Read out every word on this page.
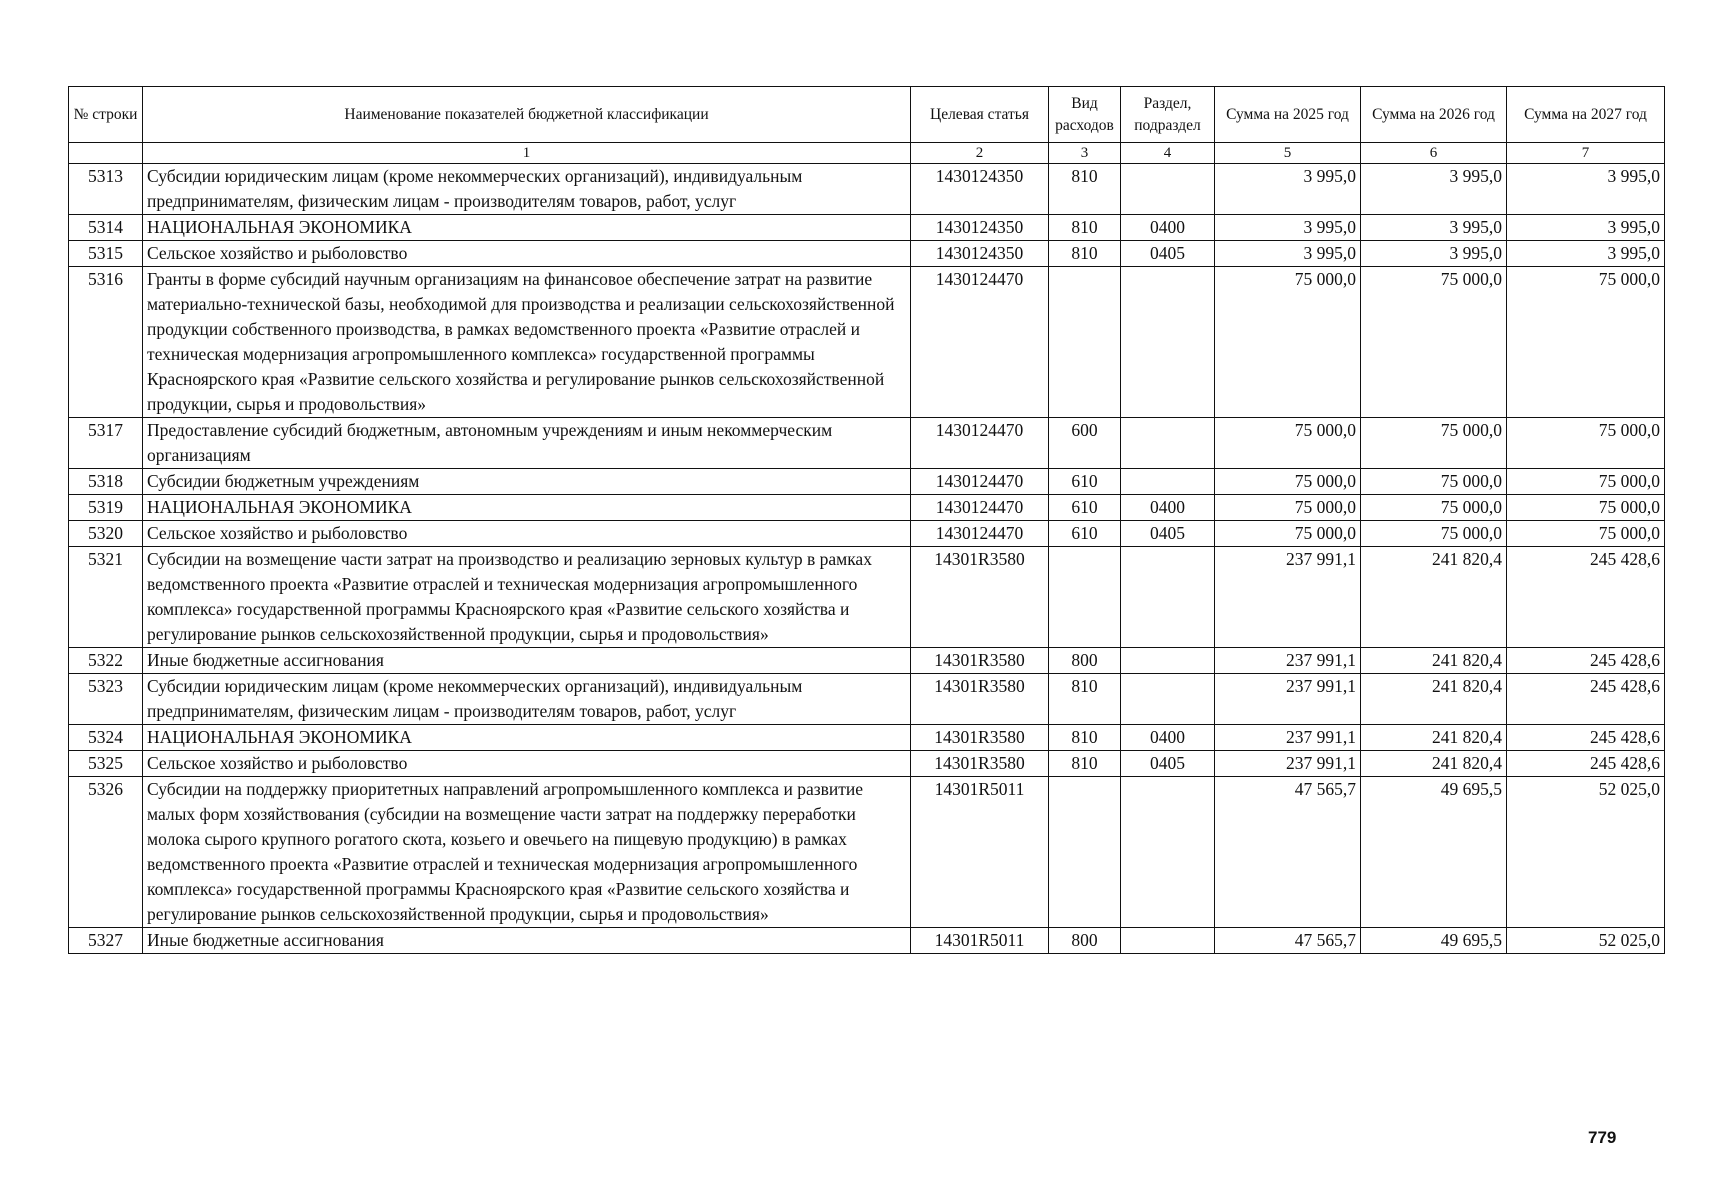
№ строки	Наименование показателей бюджетной классификации	Целевая статья	Вид расходов	Раздел, подраздел	Сумма на 2025 год	Сумма на 2026 год	Сумма на 2027 год
	1	2	3	4	5	6	7
5313	Субсидии юридическим лицам (кроме некоммерческих организаций), индивидуальным предпринимателям, физическим лицам - производителям товаров, работ, услуг	1430124350	810		3 995,0	3 995,0	3 995,0
5314	НАЦИОНАЛЬНАЯ ЭКОНОМИКА	1430124350	810	0400	3 995,0	3 995,0	3 995,0
5315	Сельское хозяйство и рыболовство	1430124350	810	0405	3 995,0	3 995,0	3 995,0
5316	Гранты в форме субсидий научным организациям на финансовое обеспечение затрат на развитие материально-технической базы, необходимой для производства и реализации сельскохозяйственной продукции собственного производства, в рамках ведомственного проекта «Развитие отраслей и техническая модернизация агропромышленного комплекса» государственной программы Красноярского края «Развитие сельского хозяйства и регулирование рынков сельскохозяйственной продукции, сырья и продовольствия»	1430124470			75 000,0	75 000,0	75 000,0
5317	Предоставление субсидий бюджетным, автономным учреждениям и иным некоммерческим организациям	1430124470	600		75 000,0	75 000,0	75 000,0
5318	Субсидии бюджетным учреждениям	1430124470	610		75 000,0	75 000,0	75 000,0
5319	НАЦИОНАЛЬНАЯ ЭКОНОМИКА	1430124470	610	0400	75 000,0	75 000,0	75 000,0
5320	Сельское хозяйство и рыболовство	1430124470	610	0405	75 000,0	75 000,0	75 000,0
5321	Субсидии на возмещение части затрат на производство и реализацию зерновых культур в рамках ведомственного проекта «Развитие отраслей и техническая модернизация агропромышленного комплекса» государственной программы Красноярского края «Развитие сельского хозяйства и регулирование рынков сельскохозяйственной продукции, сырья и продовольствия»	14301R3580			237 991,1	241 820,4	245 428,6
5322	Иные бюджетные ассигнования	14301R3580	800		237 991,1	241 820,4	245 428,6
5323	Субсидии юридическим лицам (кроме некоммерческих организаций), индивидуальным предпринимателям, физическим лицам - производителям товаров, работ, услуг	14301R3580	810		237 991,1	241 820,4	245 428,6
5324	НАЦИОНАЛЬНАЯ ЭКОНОМИКА	14301R3580	810	0400	237 991,1	241 820,4	245 428,6
5325	Сельское хозяйство и рыболовство	14301R3580	810	0405	237 991,1	241 820,4	245 428,6
5326	Субсидии на поддержку приоритетных направлений агропромышленного комплекса и развитие малых форм хозяйствования (субсидии на возмещение части затрат на поддержку переработки молока сырого крупного рогатого скота, козьего и овечьего на пищевую продукцию) в рамках ведомственного проекта «Развитие отраслей и техническая модернизация агропромышленного комплекса» государственной программы Красноярского края «Развитие сельского хозяйства и регулирование рынков сельскохозяйственной продукции, сырья и продовольствия»	14301R5011			47 565,7	49 695,5	52 025,0
5327	Иные бюджетные ассигнования	14301R5011	800		47 565,7	49 695,5	52 025,0
779
